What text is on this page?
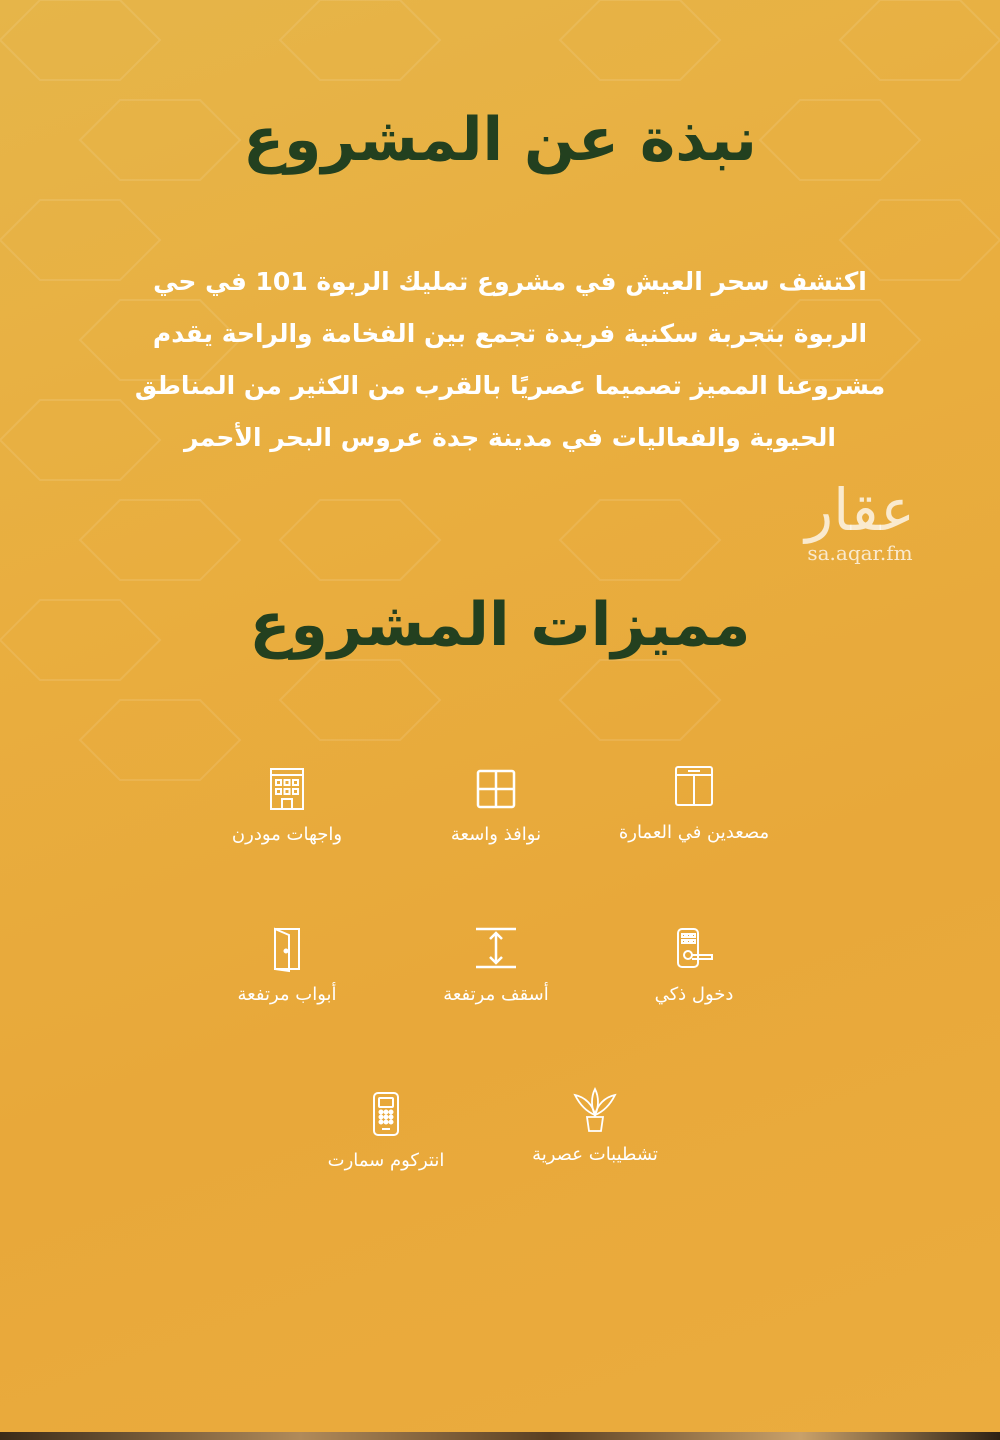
نبذة عن المشروع

اكتشف سحر العيش في مشروع تمليك الربوة 101 في حي الربوة بتجربة سكنية فريدة تجمع بين الفخامة والراحة يقدم مشروعنا المميز تصميما عصريًا بالقرب من الكثير من المناطق الحيوية والفعاليات في مدينة جدة عروس البحر الأحمر

عقار
sa.aqar.fm
مميزات المشروع
مصعدين في العمارة
نوافذ واسعة
واجهات مودرن
دخول ذكي
أسقف مرتفعة
أبواب مرتفعة
تشطيبات عصرية
انتركوم سمارت
